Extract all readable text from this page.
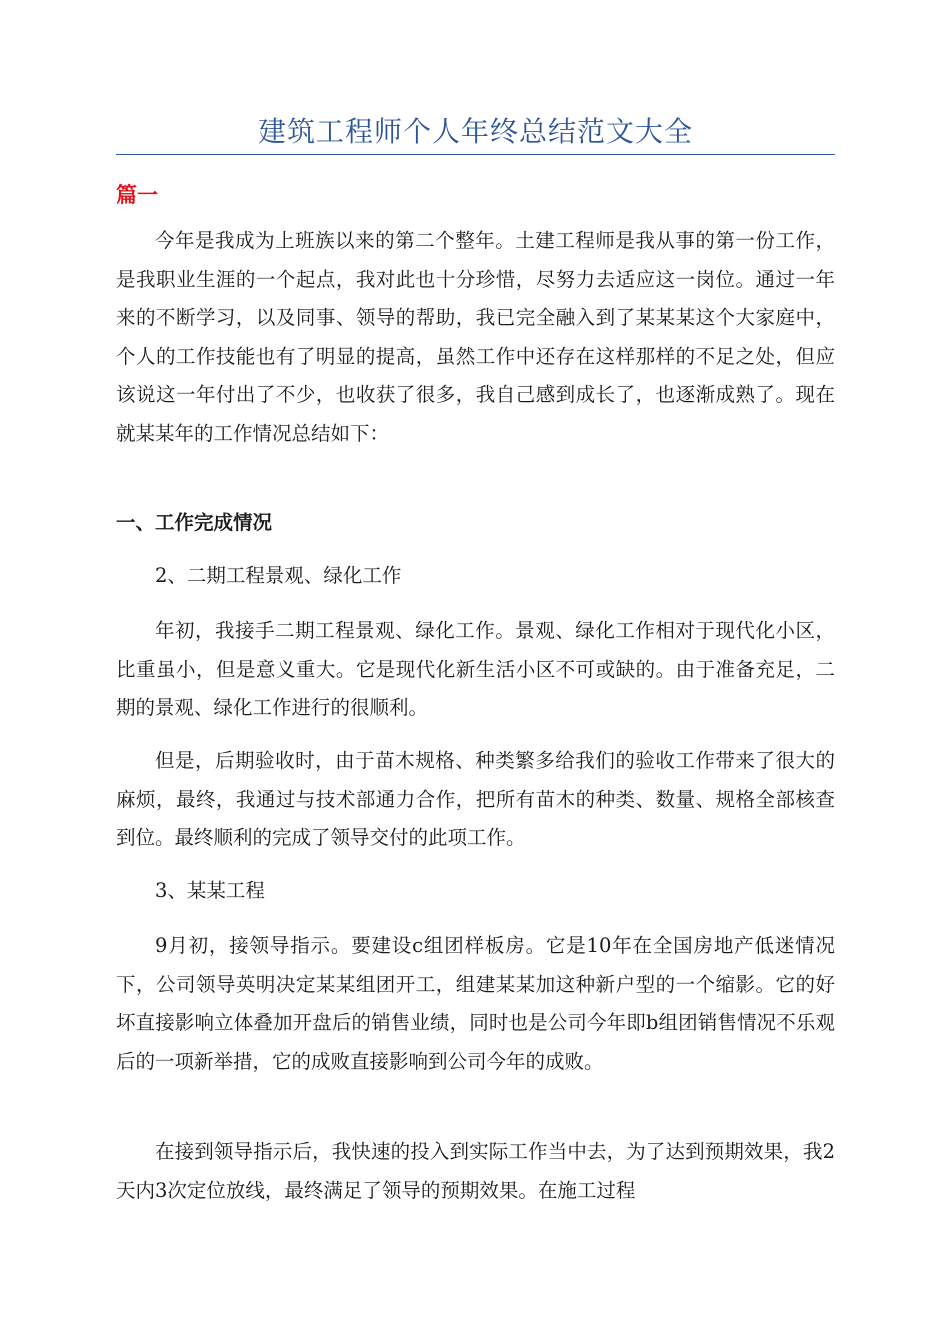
建筑工程师个人年终总结范文大全

篇一

今年是我成为上班族以来的第二个整年。土建工程师是我从事的第一份工作，是我职业生涯的一个起点，我对此也十分珍惜，尽努力去适应这一岗位。通过一年来的不断学习，以及同事、领导的帮助，我已完全融入到了某某某这个大家庭中，个人的工作技能也有了明显的提高，虽然工作中还存在这样那样的不足之处，但应该说这一年付出了不少，也收获了很多，我自己感到成长了，也逐渐成熟了。现在就某某年的工作情况总结如下：

一、工作完成情况

2、二期工程景观、绿化工作

年初，我接手二期工程景观、绿化工作。景观、绿化工作相对于现代化小区，比重虽小，但是意义重大。它是现代化新生活小区不可或缺的。由于准备充足，二期的景观、绿化工作进行的很顺利。

但是，后期验收时，由于苗木规格、种类繁多给我们的验收工作带来了很大的麻烦，最终，我通过与技术部通力合作，把所有苗木的种类、数量、规格全部核查到位。最终顺利的完成了领导交付的此项工作。

3、某某工程

9月初，接领导指示。要建设c组团样板房。它是10年在全国房地产低迷情况下，公司领导英明决定某某组团开工，组建某某加这种新户型的一个缩影。它的好坏直接影响立体叠加开盘后的销售业绩，同时也是公司今年即b组团销售情况不乐观后的一项新举措，它的成败直接影响到公司今年的成败。

在接到领导指示后，我快速的投入到实际工作当中去，为了达到预期效果，我2天内3次定位放线，最终满足了领导的预期效果。在施工过程
